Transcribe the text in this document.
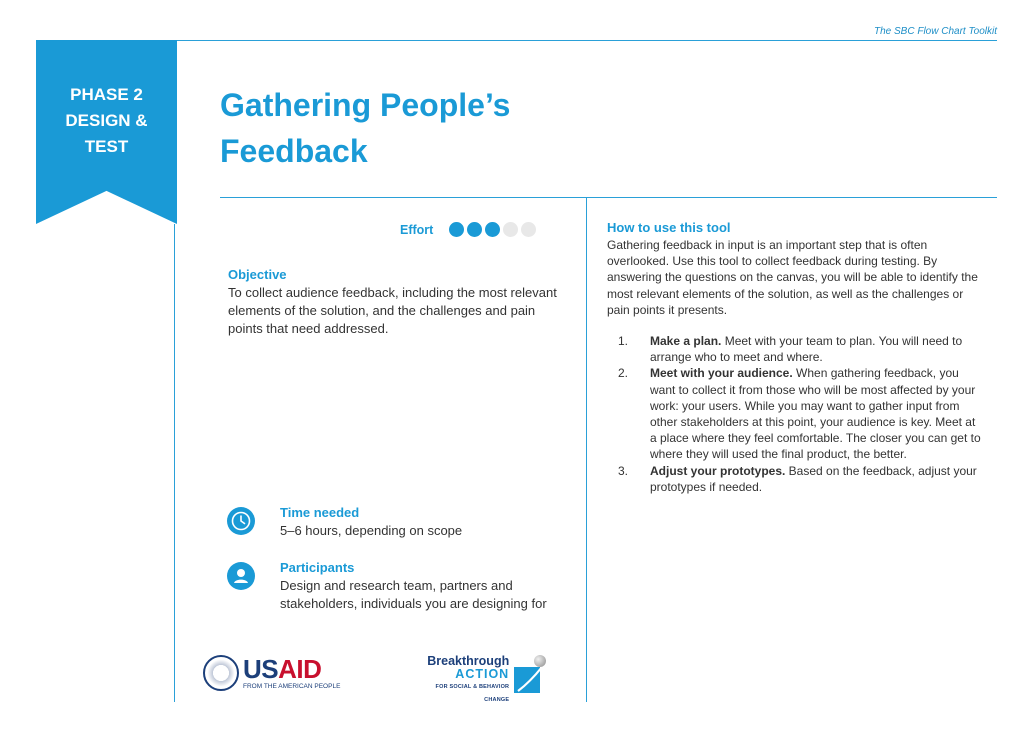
The SBC Flow Chart Toolkit
PHASE 2
DESIGN &
TEST
Gathering People’s
Feedback
Effort
Objective
To collect audience feedback, including the most relevant elements of the solution, and the challenges and pain points that need addressed.
Time needed
5–6 hours, depending on scope
Participants
Design and research team, partners and stakeholders, individuals you are designing for
How to use this tool
Gathering feedback in input is an important step that is often overlooked. Use this tool to collect feedback during testing. By answering the questions on the canvas, you will be able to identify the most relevant elements of the solution, as well as the challenges or pain points it presents.
1.	Make a plan. Meet with your team to plan. You will need to arrange who to meet and where.
2.	Meet with your audience. When gathering feedback, you want to collect it from those who will be most affected by your work: your users. While you may want to gather input from other stakeholders at this point, your audience is key. Meet at a place where they feel comfortable. The closer you can get to where they will used the final product, the better.
3.	Adjust your prototypes. Based on the feedback, adjust your prototypes if needed.
USAID
FROM THE AMERICAN PEOPLE
Breakthrough
ACTION
FOR SOCIAL & BEHAVIOR CHANGE
